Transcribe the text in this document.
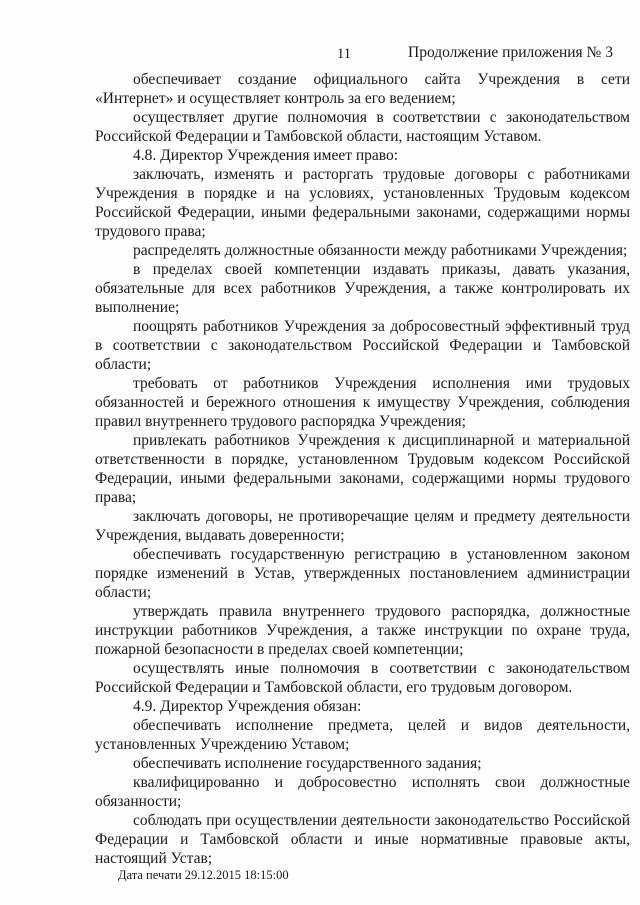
11	Продолжение приложения № 3

обеспечивает создание официального сайта Учреждения в сети «Интернет» и осуществляет контроль за его ведением;

осуществляет другие полномочия в соответствии с законодательством Российской Федерации и Тамбовской области, настоящим Уставом.

4.8. Директор Учреждения имеет право:

заключать, изменять и расторгать трудовые договоры с работниками Учреждения в порядке и на условиях, установленных Трудовым кодексом Российской Федерации, иными федеральными законами, содержащими нормы трудового права;

распределять должностные обязанности между работниками Учреждения;

в пределах своей компетенции издавать приказы, давать указания, обязательные для всех работников Учреждения, а также контролировать их выполнение;

поощрять работников Учреждения за добросовестный эффективный труд в соответствии с законодательством Российской Федерации и Тамбовской области;

требовать от работников Учреждения исполнения ими трудовых обязанностей и бережного отношения к имуществу Учреждения, соблюдения правил внутреннего трудового распорядка Учреждения;

привлекать работников Учреждения к дисциплинарной и материальной ответственности в порядке, установленном Трудовым кодексом Российской Федерации, иными федеральными законами, содержащими нормы трудового права;

заключать договоры, не противоречащие целям и предмету деятельности Учреждения, выдавать доверенности;

обеспечивать государственную регистрацию в установленном законом порядке изменений в Устав, утвержденных постановлением администрации области;

утверждать правила внутреннего трудового распорядка, должностные инструкции работников Учреждения, а также инструкции по охране труда, пожарной безопасности в пределах своей компетенции;

осуществлять иные полномочия в соответствии с законодательством Российской Федерации и Тамбовской области, его трудовым договором.

4.9. Директор Учреждения обязан:

обеспечивать исполнение предмета, целей и видов деятельности, установленных Учреждению Уставом;

обеспечивать исполнение государственного задания;

квалифицированно и добросовестно исполнять свои должностные обязанности;

соблюдать при осуществлении деятельности законодательство Российской Федерации и Тамбовской области и иные нормативные правовые акты, настоящий Устав;

Дата печати 29.12.2015 18:15:00
